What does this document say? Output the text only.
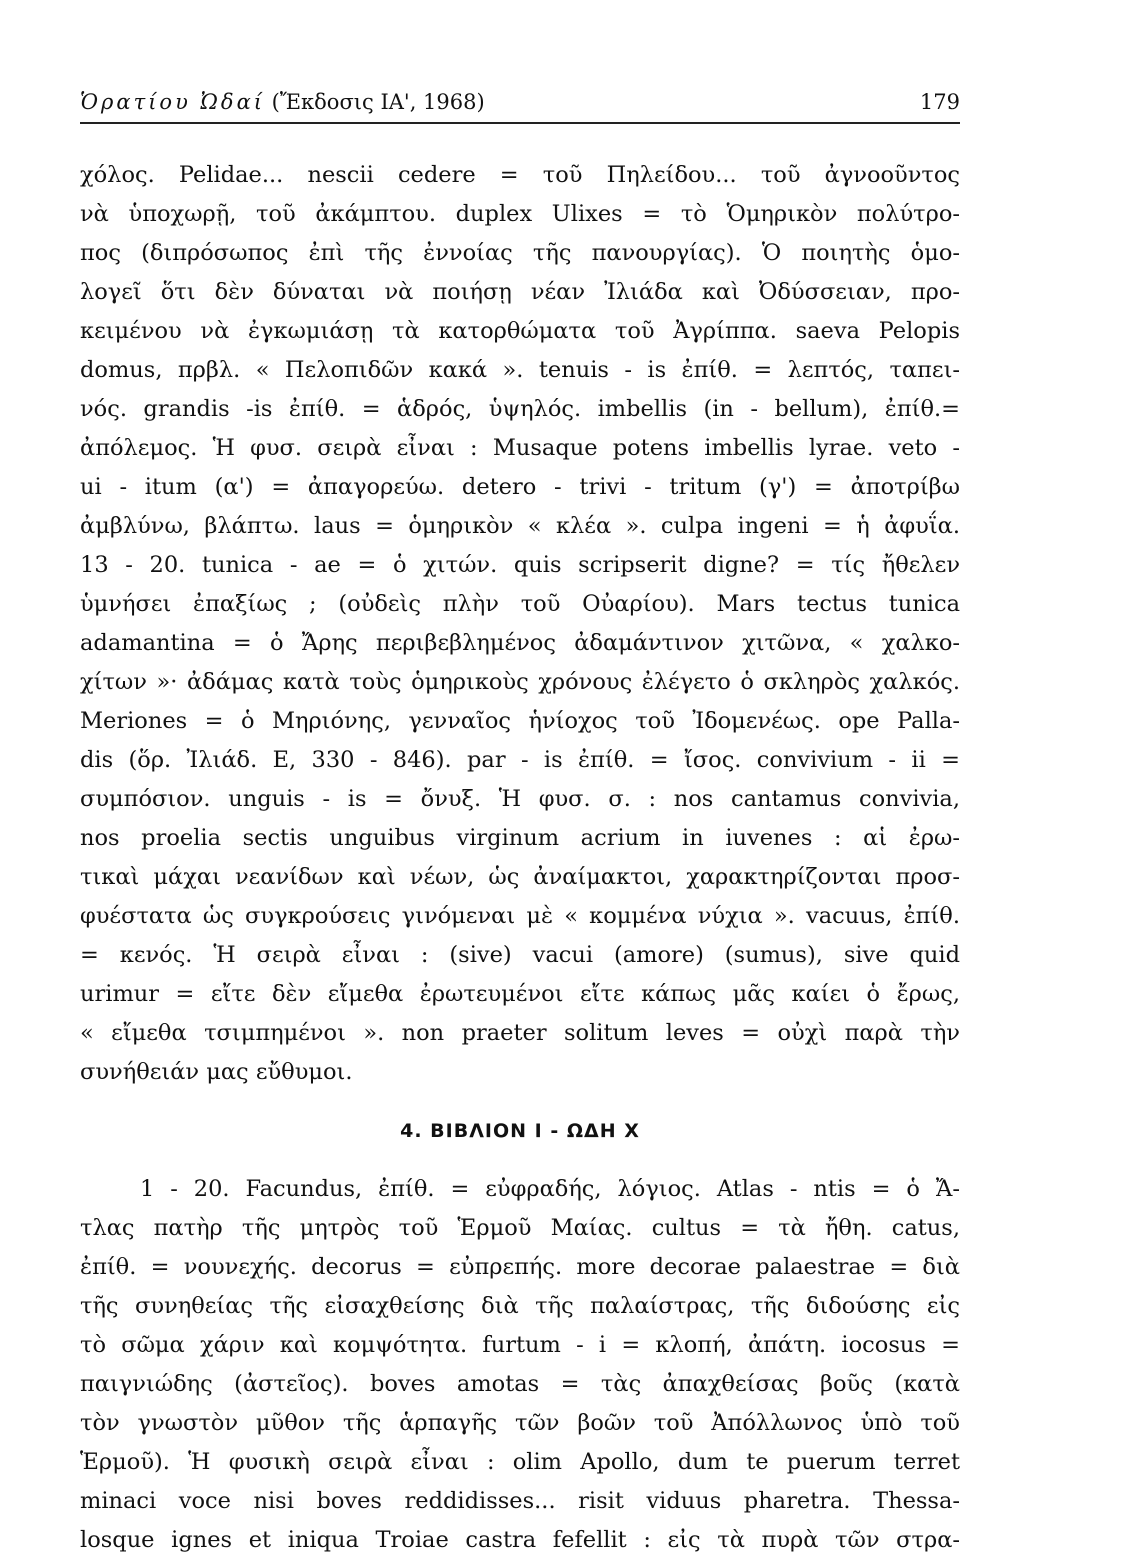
Ὁρατίου Ὠδαί (Ἔκδοσις ΙΑ', 1968)	179
χόλος. Pelidae... nescii cedere = τοῦ Πηλείδου... τοῦ ἀγνοοῦντος
νὰ ὑποχωρῇ, τοῦ ἀκάμπτου. duplex Ulixes = τὸ Ὁμηρικὸν πολύτρο-
πος (διπρόσωπος ἐπὶ τῆς ἐννοίας τῆς πανουργίας). Ὁ ποιητὴς ὁμο-
λογεῖ ὅτι δὲν δύναται νὰ ποιήσῃ νέαν Ἰλιάδα καὶ Ὀδύσσειαν, προ-
κειμένου νὰ ἐγκωμιάσῃ τὰ κατορθώματα τοῦ Ἀγρίππα. saeva Pelopis
domus, πρβλ. « Πελοπιδῶν κακά ». tenuis - is ἐπίθ. = λεπτός, ταπει-
νός. grandis -is ἐπίθ. = ἁδρός, ὑψηλός. imbellis (in - bellum), ἐπίθ.=
ἀπόλεμος. Ἡ φυσ. σειρὰ εἶναι : Musaque potens imbellis lyrae. veto -
ui - itum (α') = ἀπαγορεύω. detero - trivi - tritum (γ') = ἀποτρίβω
ἀμβλύνω, βλάπτω. laus = ὁμηρικὸν « κλέα ». culpa ingeni = ἡ ἀφυΐα.
13 - 20. tunica - ae = ὁ χιτών. quis scripserit digne? = τίς ἤθελεν
ὑμνήσει ἐπαξίως ; (οὐδεὶς πλὴν τοῦ Οὐαρίου). Mars tectus tunica
adamantina = ὁ Ἄρης περιβεβλημένος ἀδαμάντινον χιτῶνα, « χαλκο-
χίτων »· ἀδάμας κατὰ τοὺς ὁμηρικοὺς χρόνους ἐλέγετο ὁ σκληρὸς χαλκός.
Meriones = ὁ Μηριόνης, γενναῖος ἡνίοχος τοῦ Ἰδομενέως. ope Palla-
dis (ὅρ. Ἰλιάδ. Ε, 330 - 846). par - is ἐπίθ. = ἴσος. convivium - ii =
συμπόσιον. unguis - is = ὄνυξ. Ἡ φυσ. σ. : nos cantamus convivia,
nos proelia sectis unguibus virginum acrium in iuvenes : αἱ ἐρω-
τικαὶ μάχαι νεανίδων καὶ νέων, ὡς ἀναίμακτοι, χαρακτηρίζονται προσ-
φυέστατα ὡς συγκρούσεις γινόμεναι μὲ « κομμένα νύχια ». vacuus, ἐπίθ.
= κενός. Ἡ σειρὰ εἶναι : (sive) vacui (amore) (sumus), sive quid
urimur = εἴτε δὲν εἴμεθα ἐρωτευμένοι εἴτε κάπως μᾶς καίει ὁ ἔρως,
« εἴμεθα τσιμπημένοι ». non praeter solitum leves = οὐχὶ παρὰ τὴν
συνήθειάν μας εὔθυμοι.
4. ΒΙΒΛΙΟΝ Ι - ΩΔΗ Χ
1 - 20. Facundus, ἐπίθ. = εὐφραδής, λόγιος. Atlas - ntis = ὁ Ἄ-
τλας πατὴρ τῆς μητρὸς τοῦ Ἑρμοῦ Μαίας. cultus = τὰ ἤθη. catus,
ἐπίθ. = νουνεχής. decorus = εὐπρεπής. more decorae palaestrae = διὰ
τῆς συνηθείας τῆς εἰσαχθείσης διὰ τῆς παλαίστρας, τῆς διδούσης εἰς
τὸ σῶμα χάριν καὶ κομψότητα. furtum - i = κλοπή, ἀπάτη. iocosus =
παιγνιώδης (ἀστεῖος). boves amotas = τὰς ἀπαχθείσας βοῦς (κατὰ
τὸν γνωστὸν μῦθον τῆς ἁρπαγῆς τῶν βοῶν τοῦ Ἀπόλλωνος ὑπὸ τοῦ
Ἑρμοῦ). Ἡ φυσικὴ σειρὰ εἶναι : olim Apollo, dum te puerum terret
minaci voce nisi boves reddidisses... risit viduus pharetra. Thessa-
losque ignes et iniqua Troiae castra fefellit : εἰς τὰ πυρὰ τῶν στρα-
